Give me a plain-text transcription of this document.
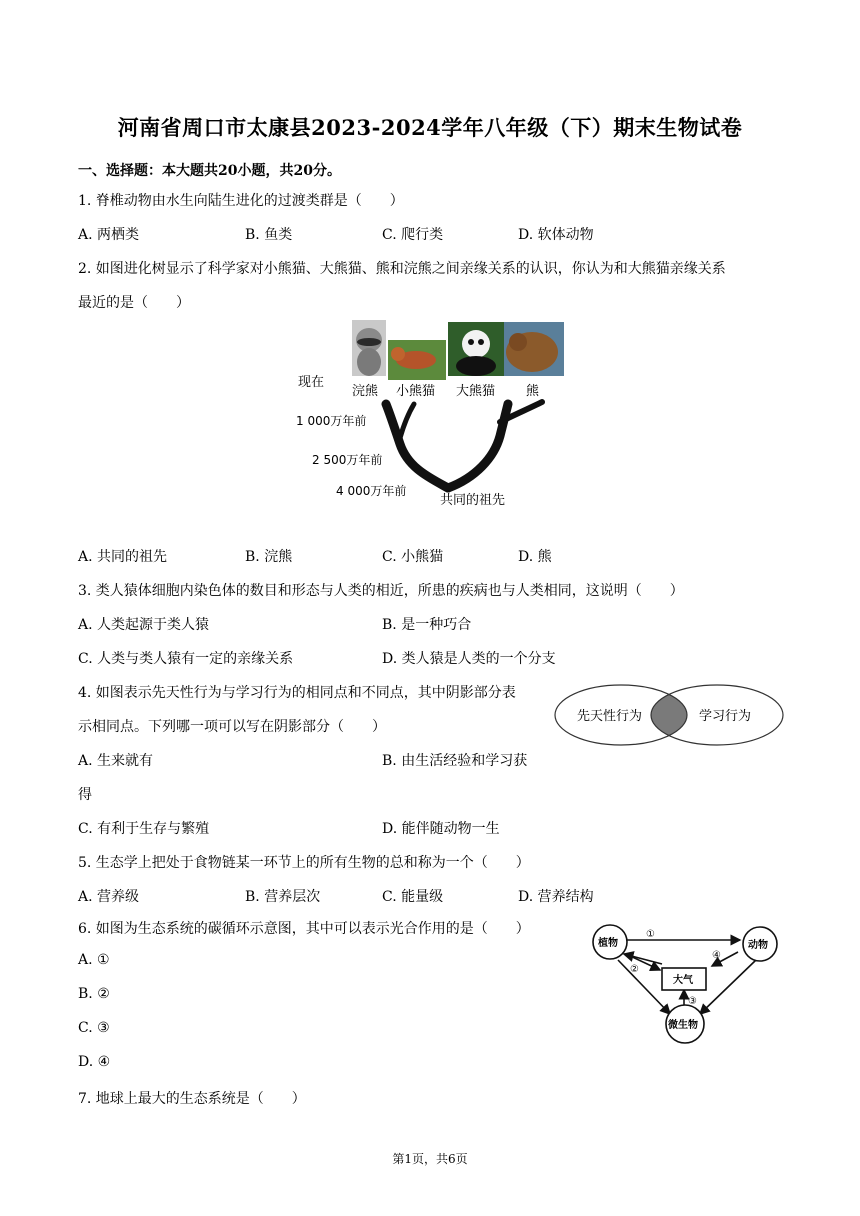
河南省周口市太康县2023-2024学年八年级（下）期末生物试卷
一、选择题：本大题共20小题，共20分。
1. 脊椎动物由水生向陆生进化的过渡类群是（　　）
A. 两栖类	B. 鱼类	C. 爬行类	D. 软体动物
2. 如图进化树显示了科学家对小熊猫、大熊猫、熊和浣熊之间亲缘关系的认识，你认为和大熊猫亲缘关系
最近的是（　　）
现在
浣熊 小熊猫 大熊猫 熊
1 000万年前
2 500万年前
4 000万年前
共同的祖先
A. 共同的祖先	B. 浣熊	C. 小熊猫	D. 熊
3. 类人猿体细胞内染色体的数目和形态与人类的相近，所患的疾病也与人类相同，这说明（　　）
A. 人类起源于类人猿	B. 是一种巧合
C. 人类与类人猿有一定的亲缘关系	D. 类人猿是人类的一个分支
4. 如图表示先天性行为与学习行为的相同点和不同点，其中阴影部分表
示相同点。下列哪一项可以写在阴影部分（　　）
先天性行为	学习行为
A. 生来就有	B. 由生活经验和学习获
得
C. 有利于生存与繁殖	D. 能伴随动物一生
5. 生态学上把处于食物链某一环节上的所有生物的总和称为一个（　　）
A. 营养级	B. 营养层次	C. 能量级	D. 营养结构
6. 如图为生态系统的碳循环示意图，其中可以表示光合作用的是（　　）
植物	动物
微生物
大气
①
②
③
④
A. ①
B. ②
C. ③
D. ④
7. 地球上最大的生态系统是（　　）
第1页，共6页
